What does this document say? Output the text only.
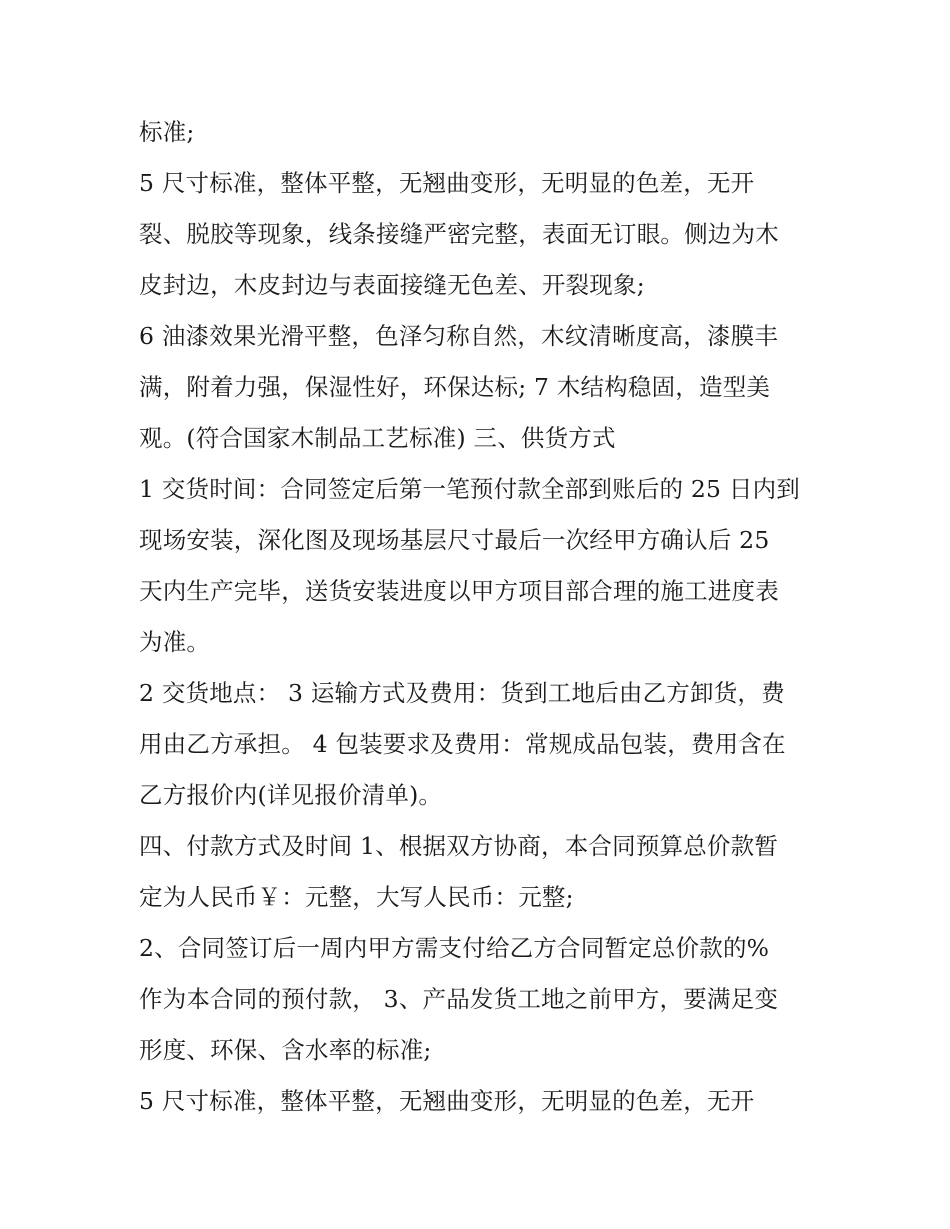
标准;
5 尺寸标准，整体平整，无翘曲变形，无明显的色差，无开
裂、脱胶等现象，线条接缝严密完整，表面无订眼。侧边为木
皮封边，木皮封边与表面接缝无色差、开裂现象;
6 油漆效果光滑平整，色泽匀称自然，木纹清晰度高，漆膜丰
满，附着力强，保湿性好，环保达标; 7 木结构稳固，造型美
观。(符合国家木制品工艺标准) 三、供货方式
1 交货时间：合同签定后第一笔预付款全部到账后的 25 日内到
现场安装，深化图及现场基层尺寸最后一次经甲方确认后 25
天内生产完毕，送货安装进度以甲方项目部合理的施工进度表
为准。
2 交货地点： 3 运输方式及费用：货到工地后由乙方卸货，费
用由乙方承担。 4 包装要求及费用：常规成品包装，费用含在
乙方报价内(详见报价清单)。
四、付款方式及时间 1、根据双方协商，本合同预算总价款暂
定为人民币￥：元整，大写人民币：元整;
2、合同签订后一周内甲方需支付给乙方合同暂定总价款的%
作为本合同的预付款， 3、产品发货工地之前甲方，要满足变
形度、环保、含水率的标准;
5 尺寸标准，整体平整，无翘曲变形，无明显的色差，无开
